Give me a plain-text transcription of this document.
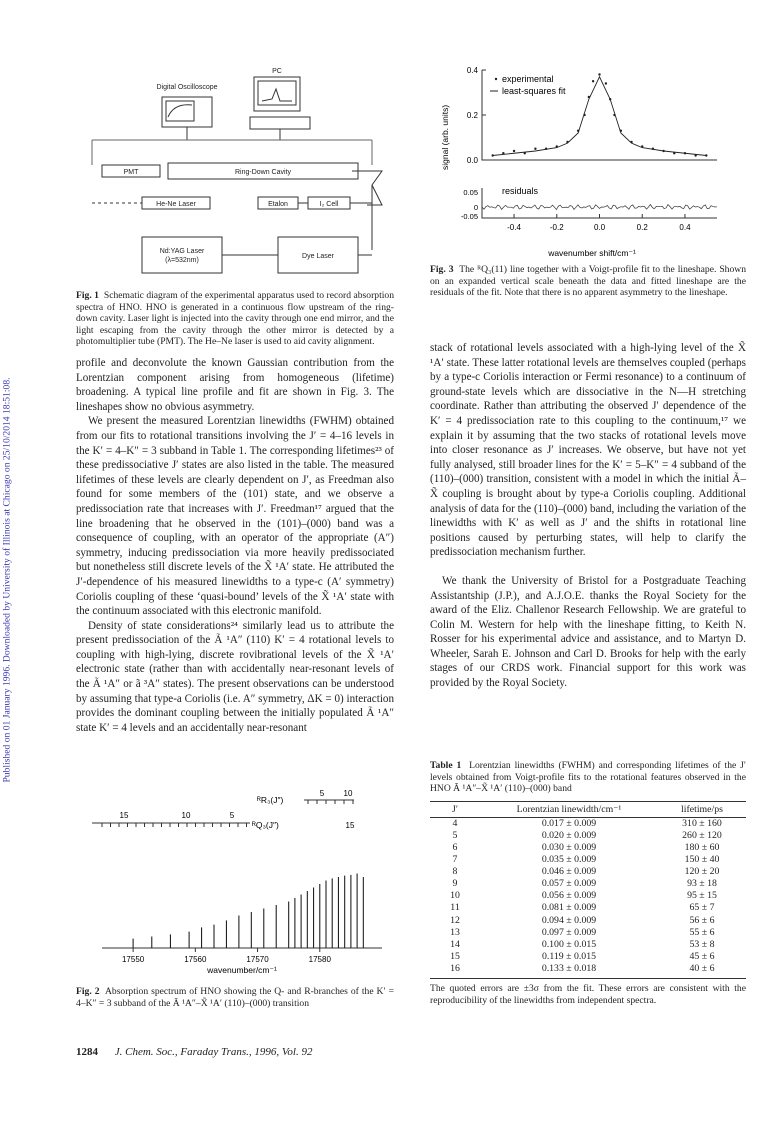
Published on 01 January 1996. Downloaded by University of Illinois at Chicago on 25/10/2014 18:51:08.
PC
Digital Oscilloscope
PMT	Ring-Down Cavity
He-Ne Laser	Etalon	I₂ Cell
Nd:YAG Laser
(λ=532nm)
Dye Laser

Fig. 1 Schematic diagram of the experimental apparatus used to record absorption spectra of HNO. HNO is generated in a continuous flow upstream of the ring-down cavity. Laser light is injected into the cavity through one end mirror, and the light escaping from the cavity through the other mirror is detected by a photomultiplier tube (PMT). The He–Ne laser is used to aid cavity alignment.

signal (arb. units)
wavenumber shift/cm⁻¹
residuals
experimental
least-squares fit
0.0
0.2
0.4
0.05
0
-0.05
-0.4	-0.2	0.0	0.2	0.4

Fig. 3 The ᴿQ₃(11) line together with a Voigt-profile fit to the lineshape. Shown on an expanded vertical scale beneath the data and fitted lineshape are the residuals of the fit. Note that there is no apparent asymmetry to the lineshape.

profile and deconvolute the known Gaussian contribution from the Lorentzian component arising from homogeneous (lifetime) broadening. A typical line profile and fit are shown in Fig. 3. The lineshapes show no obvious asymmetry.

We present the measured Lorentzian linewidths (FWHM) obtained from our fits to rotational transitions involving the J′ = 4–16 levels in the K′ = 4–K″ = 3 subband in Table 1. The corresponding lifetimes²³ of these predissociative J′ states are also listed in the table. The measured lifetimes of these levels are clearly dependent on J′, as Freedman also found for some members of the (101) state, and we observe a predissociation rate that increases with J′. Freedman¹⁷ argued that the line broadening that he observed in the (101)–(000) band was a consequence of coupling, with an operator of the appropriate (A″) symmetry, inducing predissociation via more heavily predissociated but nonetheless still discrete levels of the X̃ ¹A′ state. He attributed the J′-dependence of his measured linewidths to a type-c (A′ symmetry) Coriolis coupling of these ‘quasi-bound’ levels of the X̃ ¹A′ state with the continuum associated with this electronic manifold.

Density of state considerations²⁴ similarly lead us to attribute the present predissociation of the Ã ¹A″ (110) K′ = 4 rotational levels to coupling with high-lying, discrete rovibrational levels of the X̃ ¹A′ electronic state (rather than with accidentally near-resonant levels of the Ã ¹A″ or ã ³A″ states). The present observations can be understood by assuming that type-a Coriolis (i.e. A″ symmetry, ΔK = 0) interaction provides the dominant coupling between the initially populated Ã ¹A″ state K′ = 4 levels and an accidentally near-resonant

stack of rotational levels associated with a high-lying level of the X̃ ¹A′ state. These latter rotational levels are themselves coupled (perhaps by a type-c Coriolis interaction or Fermi resonance) to a continuum of ground-state levels which are dissociative in the N—H stretching coordinate. Rather than attributing the observed J′ dependence of the K′ = 4 predissociation rate to this coupling to the continuum,¹⁷ we explain it by assuming that the two stacks of rotational levels move into closer resonance as J′ increases. We observe, but have not yet fully analysed, still broader lines for the K′ = 5–K″ = 4 subband of the (110)–(000) transition, consistent with a model in which the initial Ã–X̃ coupling is brought about by type-a Coriolis coupling. Additional analysis of data for the (110)–(000) band, including the variation of the linewidths with K′ as well as J′ and the shifts in rotational line positions caused by perturbing states, will help to clarify the predissociation mechanism further.

We thank the University of Bristol for a Postgraduate Teaching Assistantship (J.P.), and A.J.O.E. thanks the Royal Society for the award of the Eliz. Challenor Research Fellowship. We are grateful to Colin M. Western for help with the lineshape fitting, to Keith N. Rosser for his experimental advice and assistance, and to Martyn D. Wheeler, Sarah E. Johnson and Carl D. Brooks for help with the early stages of our CRDS work. Financial support for this work was provided by the Royal Society.

17550	17560	17570	17580
wavenumber/cm⁻¹
ᴿR₃(J″)
ᴿQ₃(J″)
15	10	5
5 10
15

Fig. 2 Absorption spectrum of HNO showing the Q- and R-branches of the K′ = 4–K″ = 3 subband of the Ã ¹A″–X̃ ¹A′ (110)–(000) transition

Table 1 Lorentzian linewidths (FWHM) and corresponding lifetimes of the J′ levels obtained from Voigt-profile fits to the rotational features observed in the HNO Ã ¹A″–X̃ ¹A′ (110)–(000) band

J′	Lorentzian linewidth/cm⁻¹	lifetime/ps
4	0.017 ± 0.009	310 ± 160
5	0.020 ± 0.009	260 ± 120
6	0.030 ± 0.009	180 ± 60
7	0.035 ± 0.009	150 ± 40
8	0.046 ± 0.009	120 ± 20
9	0.057 ± 0.009	93 ± 18
10	0.056 ± 0.009	95 ± 15
11	0.081 ± 0.009	65 ± 7
12	0.094 ± 0.009	56 ± 6
13	0.097 ± 0.009	55 ± 6
14	0.100 ± 0.015	53 ± 8
15	0.119 ± 0.015	45 ± 6
16	0.133 ± 0.018	40 ± 6

The quoted errors are ±3σ from the fit. These errors are consistent with the reproducibility of the linewidths from independent spectra.

1284 J. Chem. Soc., Faraday Trans., 1996, Vol. 92
